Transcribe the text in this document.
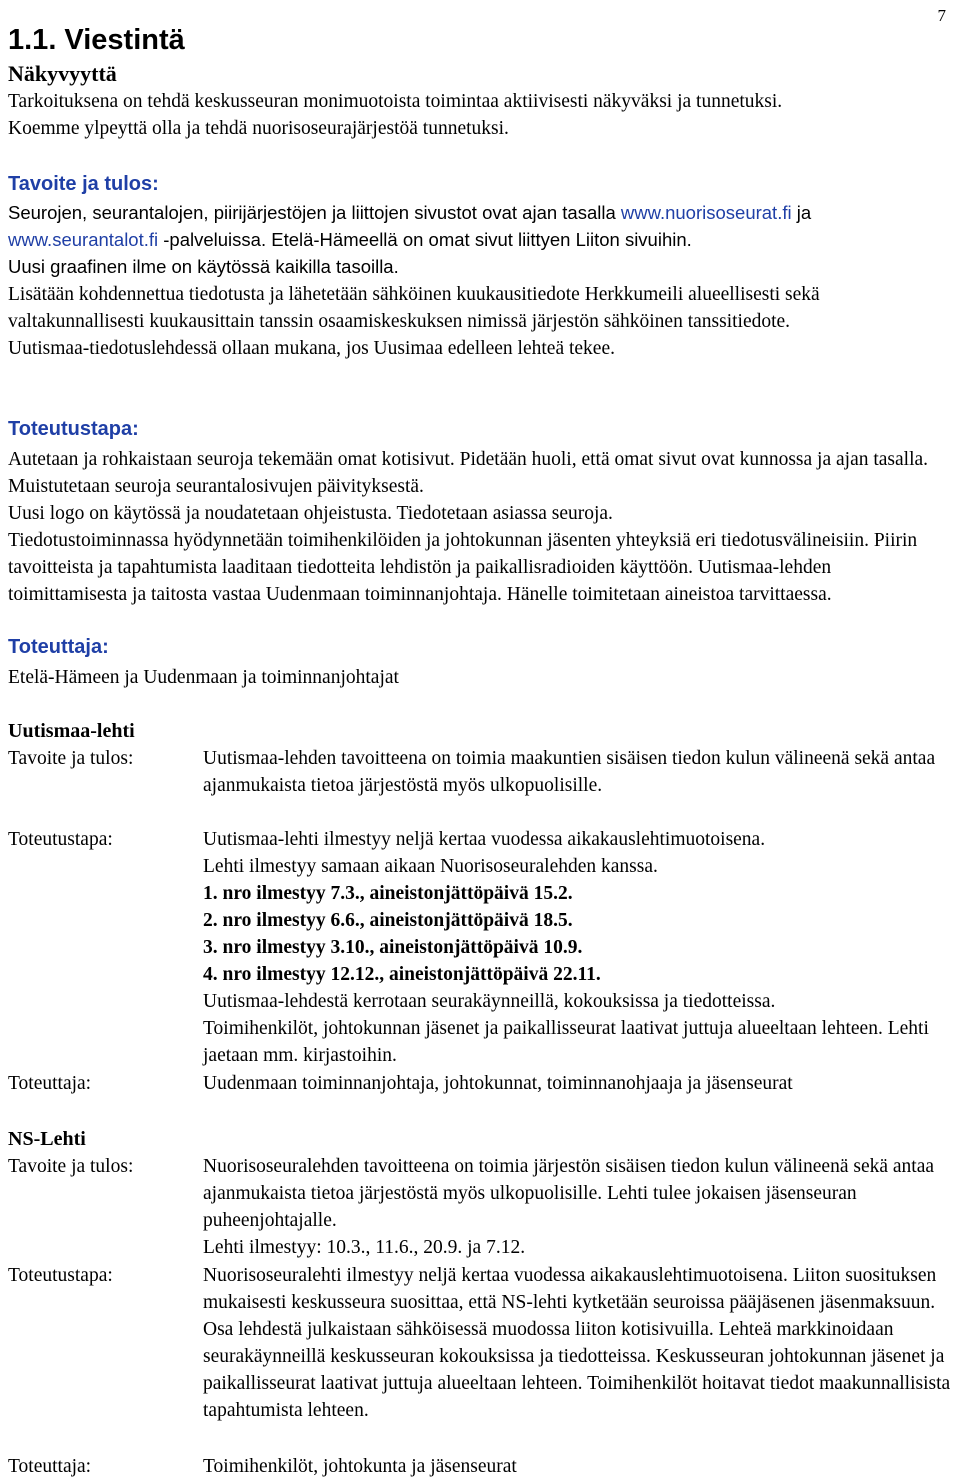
7
1.1. Viestintä
Näkyvyyttä

Tarkoituksena on tehdä keskusseuran monimuotoista toimintaa aktiivisesti näkyväksi ja tunnetuksi.

Koemme ylpeyttä olla ja tehdä nuorisoseurajärjestöä tunnetuksi.

Tavoite ja tulos:

Seurojen, seurantalojen, piirijärjestöjen ja liittojen sivustot ovat ajan tasalla www.nuorisoseurat.fi ja

www.seurantalot.fi -palveluissa. Etelä-Hämeellä on omat sivut liittyen Liiton sivuihin.

Uusi graafinen ilme on käytössä kaikilla tasoilla.

Lisätään kohdennettua tiedotusta ja lähetetään sähköinen kuukausitiedote Herkkumeili alueellisesti sekä valtakunnallisesti kuukausittain tanssin osaamiskeskuksen nimissä järjestön sähköinen tanssitiedote.

Uutismaa-tiedotuslehdessä ollaan mukana, jos Uusimaa edelleen lehteä tekee.

Toteutustapa:

Autetaan ja rohkaistaan seuroja tekemään omat kotisivut. Pidetään huoli, että omat sivut ovat kunnossa ja ajan tasalla. Muistutetaan seuroja seurantalosivujen päivityksestä.

Uusi logo on käytössä ja noudatetaan ohjeistusta. Tiedotetaan asiassa seuroja.

Tiedotustoiminnassa hyödynnetään toimihenkilöiden ja johtokunnan jäsenten yhteyksiä eri tiedotusvälineisiin. Piirin tavoitteista ja tapahtumista laaditaan tiedotteita lehdistön ja paikallisradioiden käyttöön. Uutismaa-lehden toimittamisesta ja taitosta vastaa Uudenmaan toiminnanjohtaja. Hänelle toimitetaan aineistoa tarvittaessa.

Toteuttaja:

Etelä-Hämeen ja Uudenmaan ja toiminnanjohtajat

Uutismaa-lehti
Tavoite ja tulos:	Uutismaa-lehden tavoitteena on toimia maakuntien sisäisen tiedon kulun välineenä sekä antaa ajanmukaista tietoa järjestöstä myös ulkopuolisille.
Toteutustapa:	Uutismaa-lehti ilmestyy neljä kertaa vuodessa aikakauslehtimuotoisena.

Lehti ilmestyy samaan aikaan Nuorisoseuralehden kanssa.

1. nro ilmestyy 7.3., aineistonjättöpäivä 15.2.

2. nro ilmestyy 6.6., aineistonjättöpäivä 18.5.

3. nro ilmestyy 3.10., aineistonjättöpäivä 10.9.

4. nro ilmestyy 12.12., aineistonjättöpäivä 22.11.

Uutismaa-lehdestä kerrotaan seurakäynneillä, kokouksissa ja tiedotteissa.

Toimihenkilöt, johtokunnan jäsenet ja paikallisseurat laativat juttuja alueeltaan lehteen. Lehti jaetaan mm. kirjastoihin.

Toteuttaja:	Uudenmaan toiminnanjohtaja, johtokunnat, toiminnanohjaaja ja jäsenseurat
NS-Lehti
Tavoite ja tulos:	Nuorisoseuralehden tavoitteena on toimia järjestön sisäisen tiedon kulun välineenä sekä antaa ajanmukaista tietoa järjestöstä myös ulkopuolisille. Lehti tulee jokaisen jäsenseuran puheenjohtajalle.

Lehti ilmestyy: 10.3., 11.6., 20.9. ja 7.12.

Toteutustapa:	Nuorisoseuralehti ilmestyy neljä kertaa vuodessa aikakauslehtimuotoisena. Liiton suosituksen mukaisesti keskusseura suosittaa, että NS-lehti kytketään seuroissa pääjäsenen jäsenmaksuun. Osa lehdestä julkaistaan sähköisessä muodossa liiton kotisivuilla. Lehteä markkinoidaan seurakäynneillä keskusseuran kokouksissa ja tiedotteissa. Keskusseuran johtokunnan jäsenet ja paikallisseurat laativat juttuja alueeltaan lehteen. Toimihenkilöt hoitavat tiedot maakunnallisista tapahtumista lehteen.
Toteuttaja:	Toimihenkilöt, johtokunta ja jäsenseurat
